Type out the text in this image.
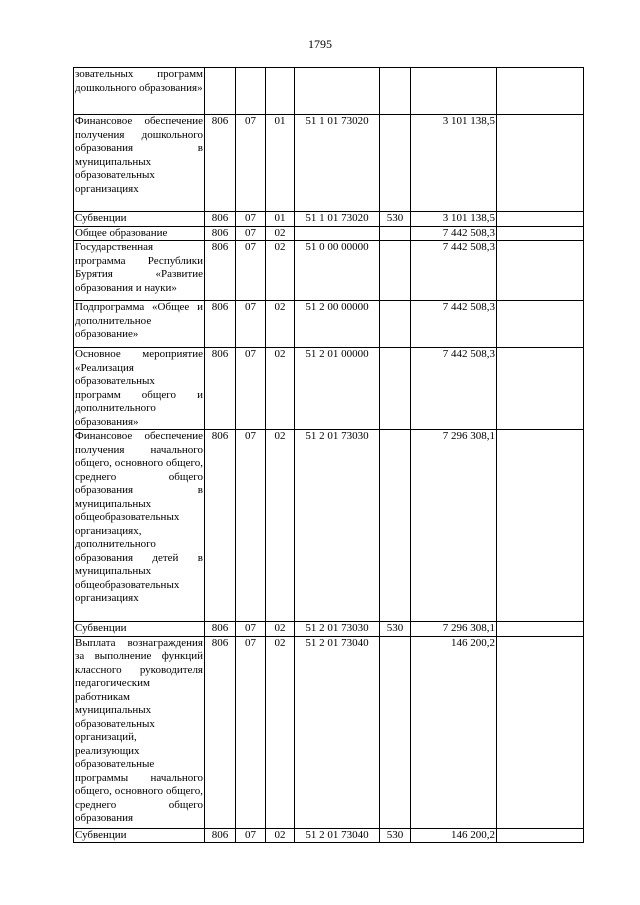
1795
зовательных программ дошкольного образования»							
Финансовое обеспечение получения дошкольного образования в муниципальных образовательных организациях	806	07	01	51 1 01 73020		3 101 138,5	
Субвенции	806	07	01	51 1 01 73020	530	3 101 138,5	
Общее образование	806	07	02			7 442 508,3	
Государственная программа Республики Бурятия «Развитие образования и науки»	806	07	02	51 0 00 00000		7 442 508,3	
Подпрограмма «Общее и дополнительное образование»	806	07	02	51 2 00 00000		7 442 508,3	
Основное мероприятие «Реализация образовательных программ общего и дополнительного образования»	806	07	02	51 2 01 00000		7 442 508,3	
Финансовое обеспечение получения начального общего, основного общего, среднего общего образования в муниципальных общеобразовательных организациях, дополнительного образования детей в муниципальных общеобразовательных организациях	806	07	02	51 2 01 73030		7 296 308,1	
Субвенции	806	07	02	51 2 01 73030	530	7 296 308,1	
Выплата вознаграждения за выполнение функций классного руководителя педагогическим работникам муниципальных образовательных организаций, реализующих образовательные программы начального общего, основного общего, среднего общего образования	806	07	02	51 2 01 73040		146 200,2	
Субвенции	806	07	02	51 2 01 73040	530	146 200,2	
